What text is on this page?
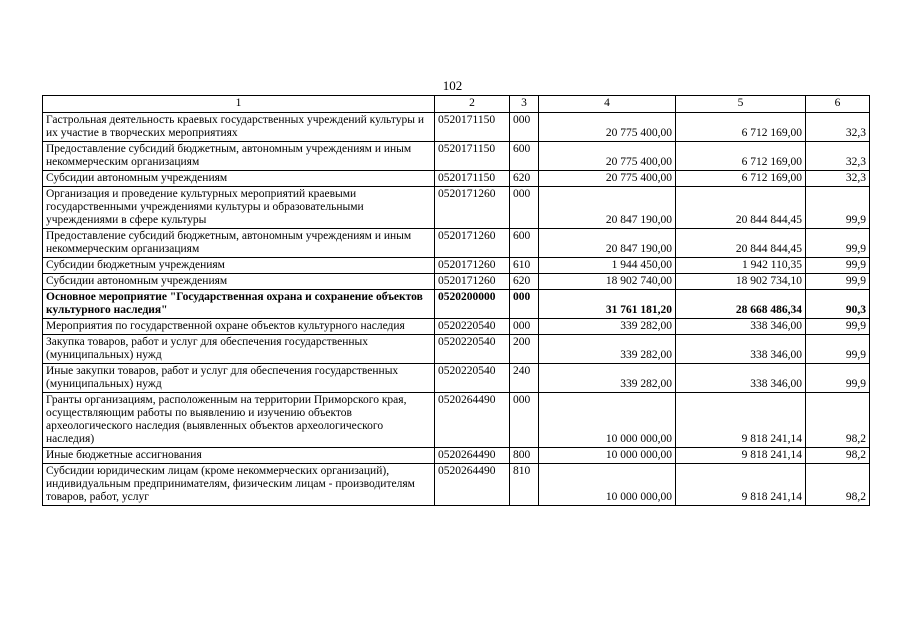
102
1	2	3	4	5	6
Гастрольная деятельность краевых государственных учреждений культуры и их участие в творческих мероприятиях	0520171150	000	20 775 400,00	6 712 169,00	32,3
Предоставление субсидий бюджетным, автономным учреждениям и иным некоммерческим организациям	0520171150	600	20 775 400,00	6 712 169,00	32,3
Субсидии автономным учреждениям	0520171150	620	20 775 400,00	6 712 169,00	32,3
Организация и проведение культурных мероприятий краевыми государственными учреждениями культуры и образовательными учреждениями в сфере культуры	0520171260	000	20 847 190,00	20 844 844,45	99,9
Предоставление субсидий бюджетным, автономным учреждениям и иным некоммерческим организациям	0520171260	600	20 847 190,00	20 844 844,45	99,9
Субсидии бюджетным учреждениям	0520171260	610	1 944 450,00	1 942 110,35	99,9
Субсидии автономным учреждениям	0520171260	620	18 902 740,00	18 902 734,10	99,9
Основное мероприятие "Государственная охрана и сохранение объектов культурного наследия"	0520200000	000	31 761 181,20	28 668 486,34	90,3
Мероприятия по государственной охране объектов культурного наследия	0520220540	000	339 282,00	338 346,00	99,9
Закупка товаров, работ и услуг для обеспечения государственных (муниципальных) нужд	0520220540	200	339 282,00	338 346,00	99,9
Иные закупки товаров, работ и услуг для обеспечения государственных (муниципальных) нужд	0520220540	240	339 282,00	338 346,00	99,9
Гранты организациям, расположенным на территории Приморского края, осуществляющим работы по выявлению и изучению объектов археологического наследия (выявленных объектов археологического наследия)	0520264490	000	10 000 000,00	9 818 241,14	98,2
Иные бюджетные ассигнования	0520264490	800	10 000 000,00	9 818 241,14	98,2
Субсидии юридическим лицам (кроме некоммерческих организаций), индивидуальным предпринимателям, физическим лицам - производителям товаров, работ, услуг	0520264490	810	10 000 000,00	9 818 241,14	98,2
